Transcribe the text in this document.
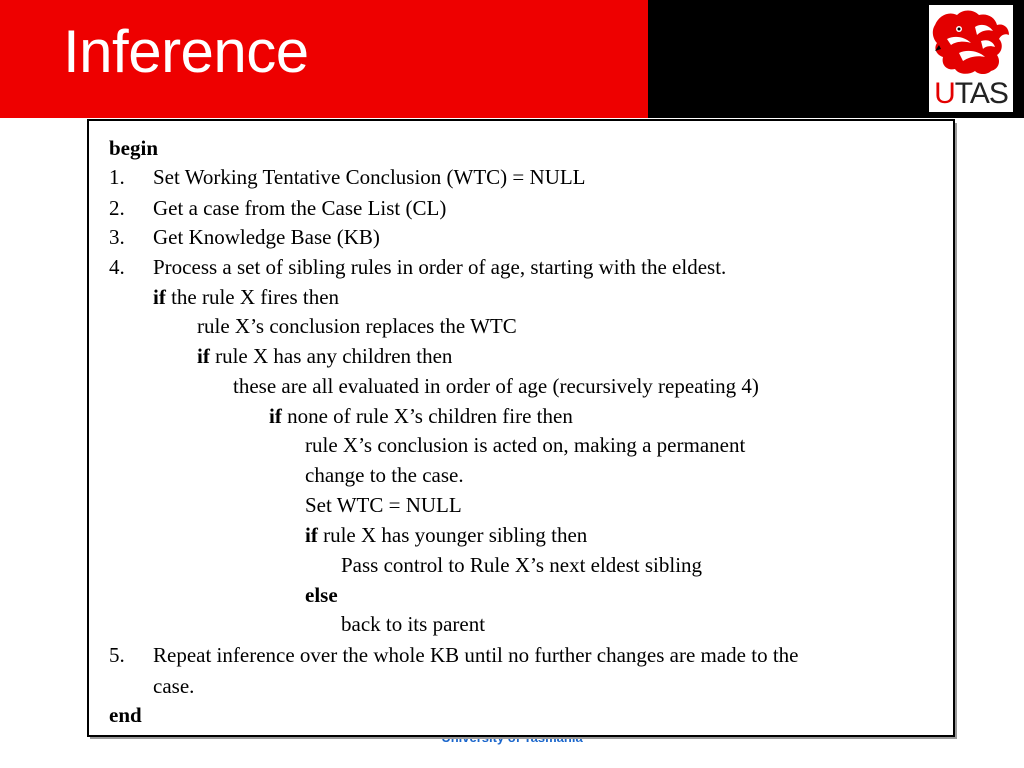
Inference
UTAS
begin
1. Set Working Tentative Conclusion (WTC) = NULL
2. Get a case from the Case List (CL)
3. Get Knowledge Base (KB)
4. Process a set of sibling rules in order of age, starting with the eldest.
if the rule X fires then
rule X’s conclusion replaces the WTC
if rule X has any children then
these are all evaluated in order of age (recursively repeating 4)
if none of rule X’s children fire then
rule X’s conclusion is acted on, making a permanent
change to the case.
Set WTC = NULL
if rule X has younger sibling then
Pass control to Rule X’s next eldest sibling
else
back to its parent
5. Repeat inference over the whole KB until no further changes are made to the
case.
end
